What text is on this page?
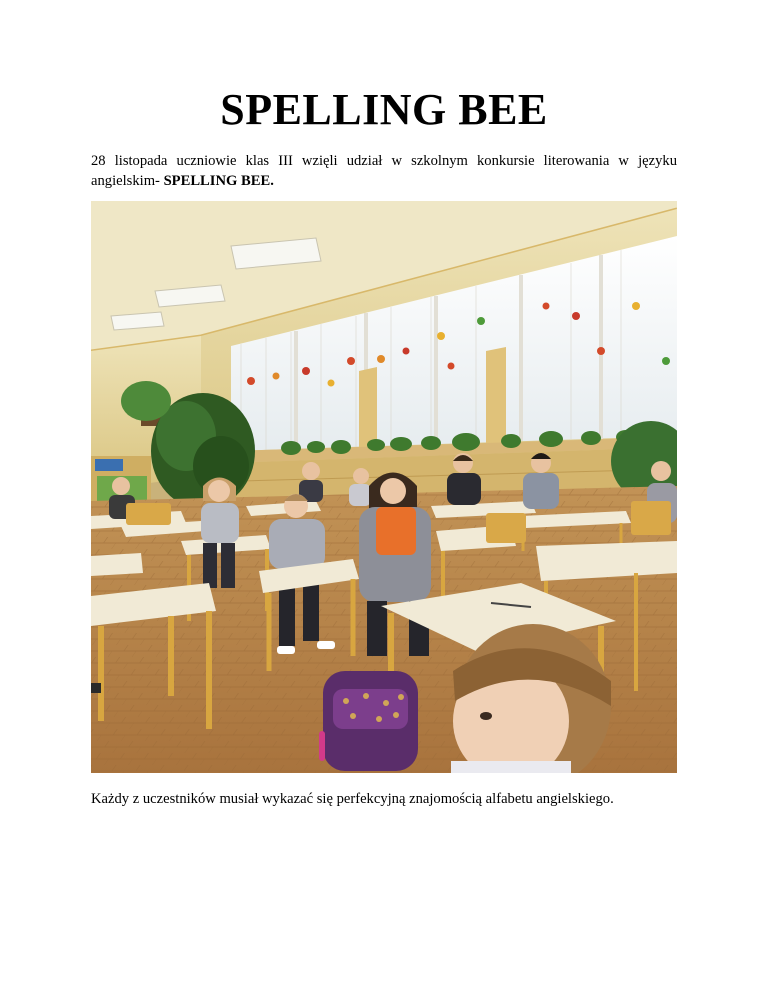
SPELLING BEE

28 listopada uczniowie klas III wzięli udział w szkolnym konkursie literowania w języku angielskim- SPELLING BEE.

Każdy z uczestników musiał wykazać się perfekcyjną znajomością alfabetu angielskiego.
